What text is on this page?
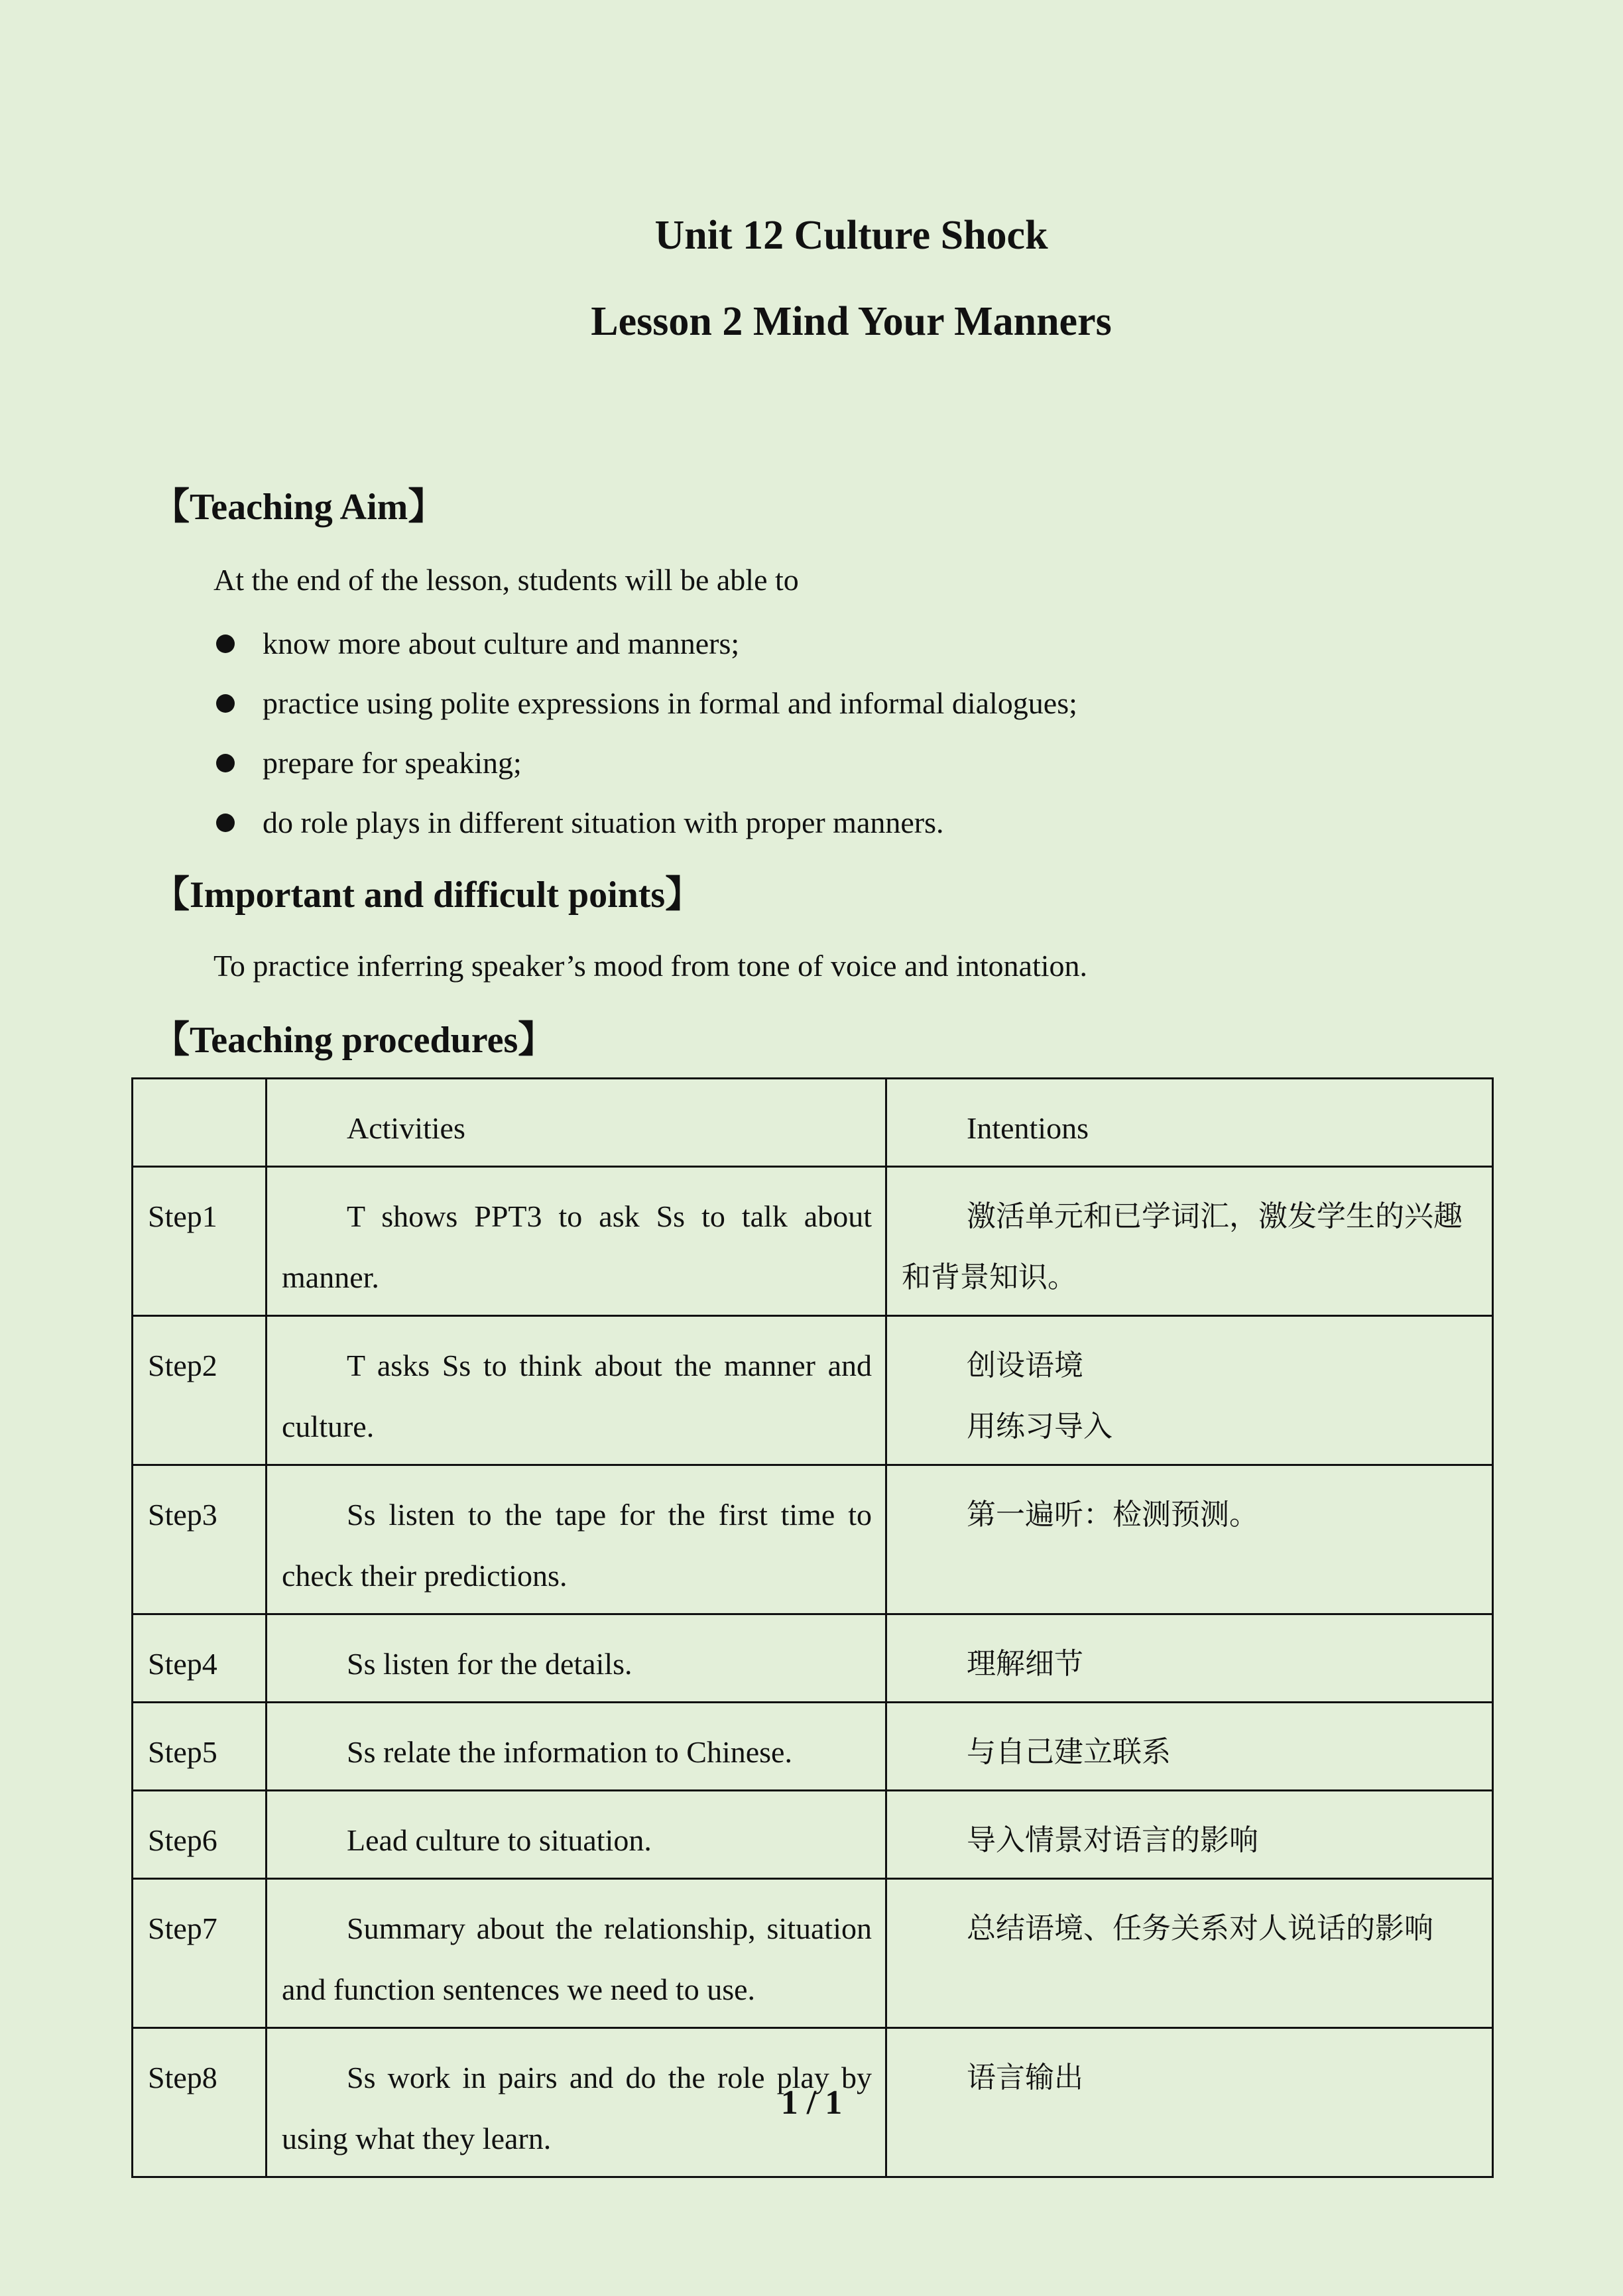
Unit 12 Culture Shock
Lesson 2 Mind Your Manners
【Teaching Aim】

At the end of the lesson, students will be able to

know more about culture and manners;
practice using polite expressions in formal and informal dialogues;
prepare for speaking;
do role plays in different situation with proper manners.
【Important and difficult points】

To practice inferring speaker’s mood from tone of voice and intonation.

【Teaching procedures】
	Activities	Intentions
Step1	T shows PPT3 to ask Ss to talk about manner.	激活单元和已学词汇，激发学生的兴趣和背景知识。
Step2	T asks Ss to think about the manner and culture.	创设语境
用练习导入
Step3	Ss listen to the tape for the first time to check their predictions.	第一遍听：检测预测。
Step4	Ss listen for the details.	理解细节
Step5	Ss relate the information to Chinese.	与自己建立联系
Step6	Lead culture to situation.	导入情景对语言的影响
Step7	Summary about the relationship, situation and function sentences we need to use.	总结语境、任务关系对人说话的影响
Step8	Ss work in pairs and do the role play by using what they learn.	语言输出

1 / 1
